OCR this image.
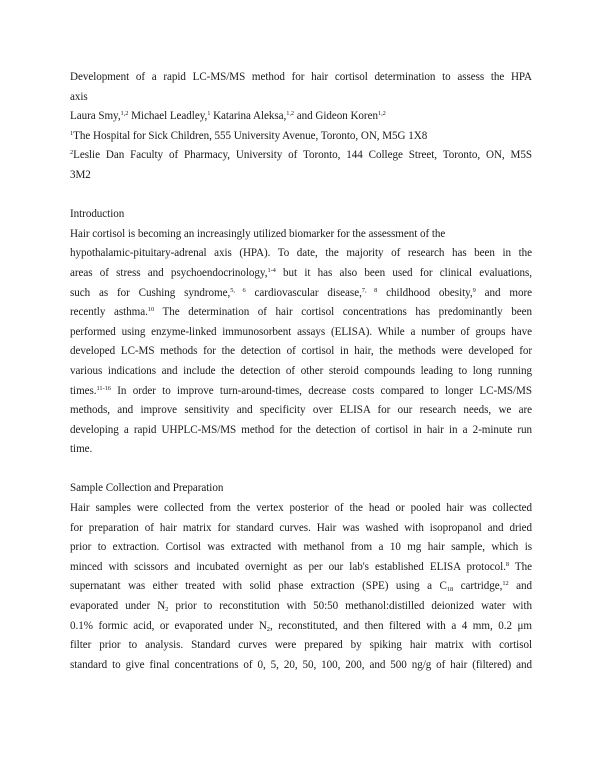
Development of a rapid LC-MS/MS method for hair cortisol determination to assess the HPA
axis

Laura Smy,$^{1,2}$ Michael Leadley,$^1$ Katarina Aleksa,$^{1,2}$ and Gideon Koren$^{1,2}$

$^1$The Hospital for Sick Children, 555 University Avenue, Toronto, ON, M5G 1X8

$^2$Leslie Dan Faculty of Pharmacy, University of Toronto, 144 College Street, Toronto, ON, M5S
3M2

Introduction

Hair cortisol is becoming an increasingly utilized biomarker for the assessment of the
hypothalamic-pituitary-adrenal axis (HPA). To date, the majority of research has been in the
areas of stress and psychoendocrinology,$^{1-4}$ but it has also been used for clinical evaluations,
such as for Cushing syndrome,$^{5, 6}$ cardiovascular disease,$^{7, 8}$ childhood obesity,$^9$ and more
recently asthma.$^{10}$ The determination of hair cortisol concentrations has predominantly been
performed using enzyme-linked immunosorbent assays (ELISA). While a number of groups have
developed LC-MS methods for the detection of cortisol in hair, the methods were developed for
various indications and include the detection of other steroid compounds leading to long running
times.$^{11-16}$ In order to improve turn-around-times, decrease costs compared to longer LC-MS/MS
methods, and improve sensitivity and specificity over ELISA for our research needs, we are
developing a rapid UHPLC-MS/MS method for the detection of cortisol in hair in a 2-minute run
time.

Sample Collection and Preparation

Hair samples were collected from the vertex posterior of the head or pooled hair was collected
for preparation of hair matrix for standard curves. Hair was washed with isopropanol and dried
prior to extraction. Cortisol was extracted with methanol from a 10 mg hair sample, which is
minced with scissors and incubated overnight as per our lab's established ELISA protocol.$^8$ The
supernatant was either treated with solid phase extraction (SPE) using a $C_{18}$ cartridge,$^{12}$ and
evaporated under $N_2$ prior to reconstitution with 50:50 methanol:distilled deionized water with
0.1% formic acid, or evaporated under $N_2$, reconstituted, and then filtered with a 4 mm, 0.2 μm
filter prior to analysis. Standard curves were prepared by spiking hair matrix with cortisol
standard to give final concentrations of 0, 5, 20, 50, 100, 200, and 500 ng/g of hair (filtered) and
